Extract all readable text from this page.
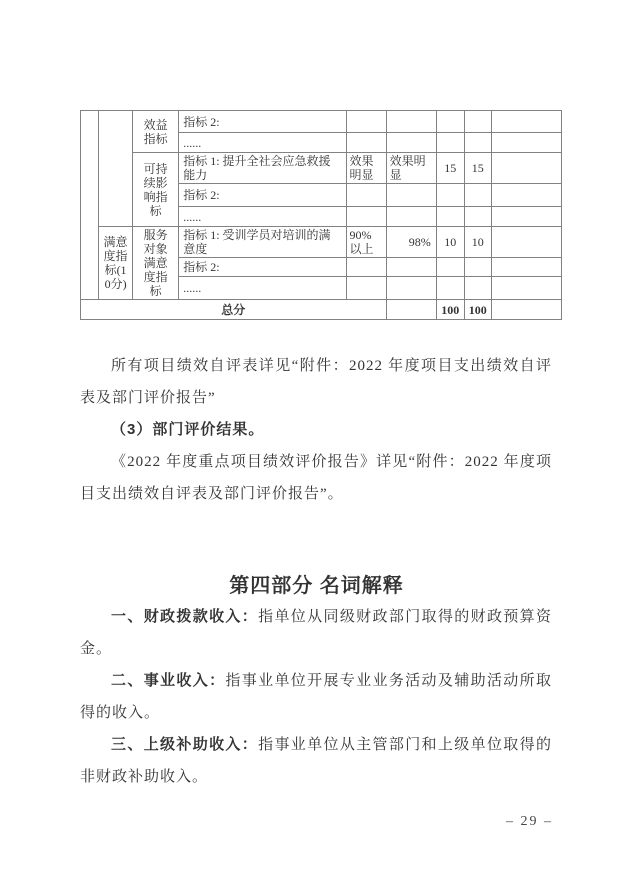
		效益指标	指标 2:					
			......					
		可持续影响指标	指标 1: 提升全社会应急救援能力	效果明显	效果明显	15	15	
			指标 2:					
			......					
	满意度指标(10分)	服务对象满意度指标	指标 1: 受训学员对培训的满意度	90%以上	98%	10	10	
			指标 2:					
			......					
总分						100	100	

所有项目绩效自评表详见“附件：2022 年度项目支出绩效自评表及部门评价报告”

（3）部门评价结果。

《2022 年度重点项目绩效评价报告》详见“附件：2022 年度项目支出绩效自评表及部门评价报告”。

第四部分 名词解释

一、财政拨款收入：指单位从同级财政部门取得的财政预算资金。

二、事业收入：指事业单位开展专业业务活动及辅助活动所取得的收入。

三、上级补助收入：指事业单位从主管部门和上级单位取得的非财政补助收入。

– 29 –
